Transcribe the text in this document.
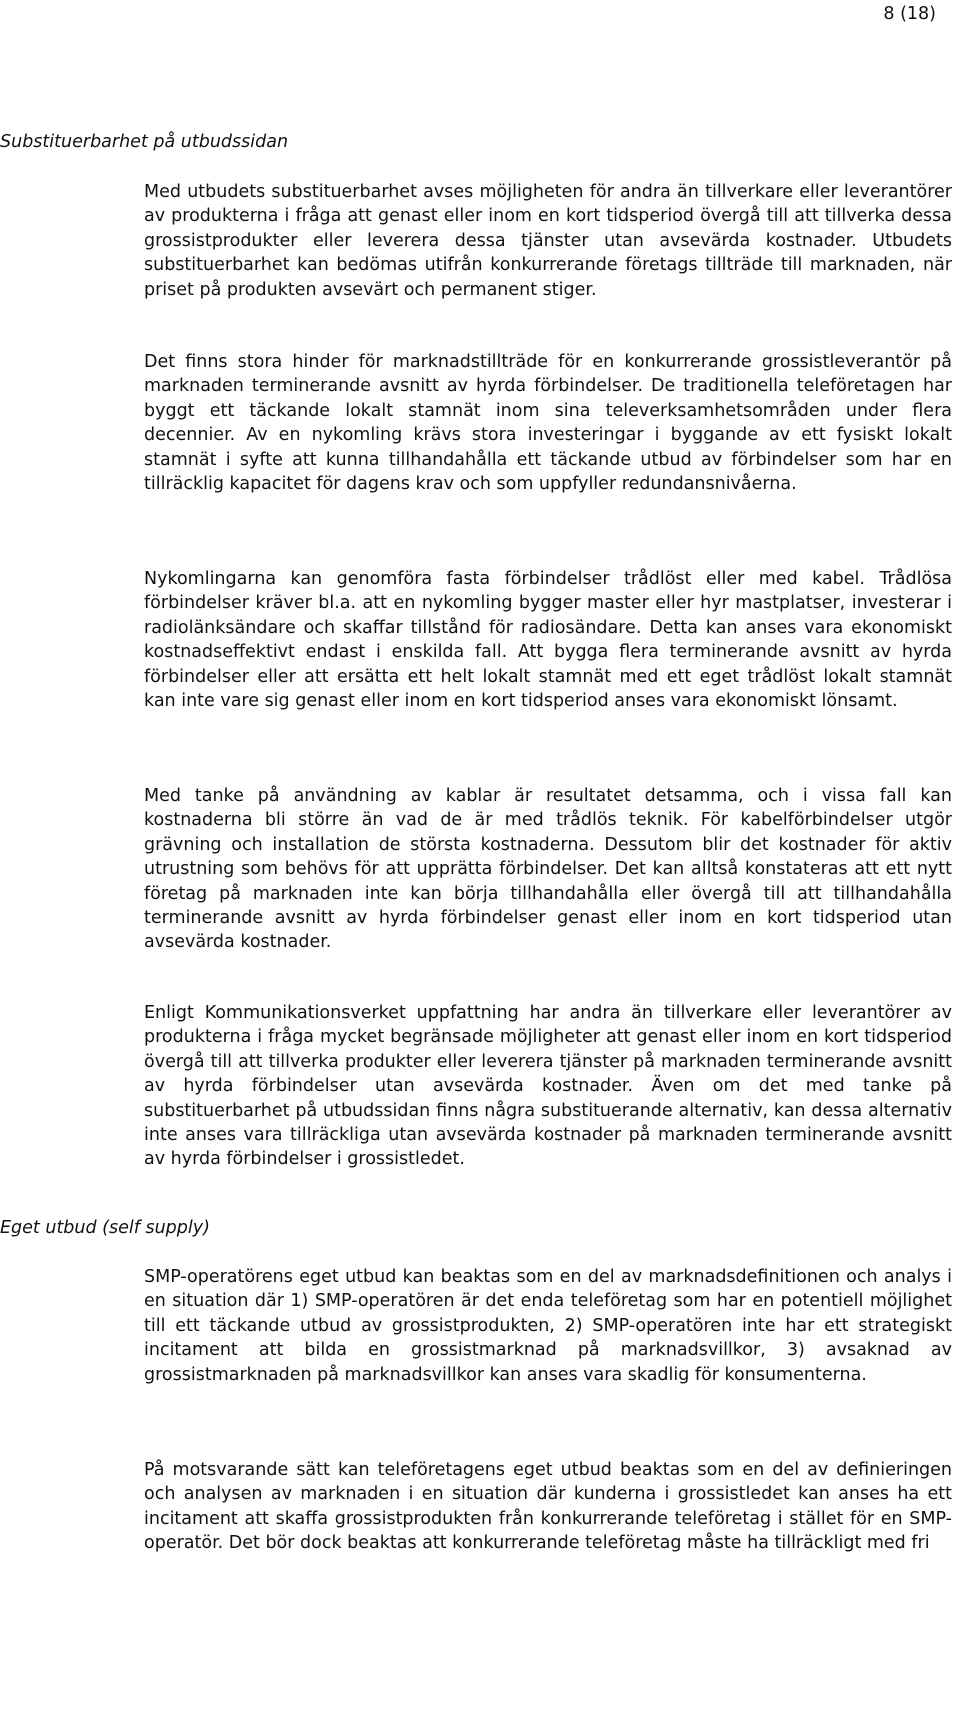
8 (18)
Substituerbarhet på utbudssidan

Med utbudets substituerbarhet avses möjligheten för andra än tillverkare eller leverantörer av produkterna i fråga att genast eller inom en kort tidsperiod övergå till att tillverka dessa grossistprodukter eller leverera dessa tjänster utan avsevärda kostnader. Utbudets substituerbarhet kan bedömas utifrån konkurrerande företags tillträde till marknaden, när priset på produkten avsevärt och permanent stiger.

Det finns stora hinder för marknadstillträde för en konkurrerande grossistleverantör på marknaden terminerande avsnitt av hyrda förbindelser. De traditionella teleföretagen har byggt ett täckande lokalt stamnät inom sina televerksamhetsområden under flera decennier. Av en nykomling krävs stora investeringar i byggande av ett fysiskt lokalt stamnät i syfte att kunna tillhandahålla ett täckande utbud av förbindelser som har en tillräcklig kapacitet för dagens krav och som uppfyller redundansnivåerna.

Nykomlingarna kan genomföra fasta förbindelser trådlöst eller med kabel. Trådlösa förbindelser kräver bl.a. att en nykomling bygger master eller hyr mastplatser, investerar i radiolänksändare och skaffar tillstånd för radiosändare. Detta kan anses vara ekonomiskt kostnadseffektivt endast i enskilda fall. Att bygga flera terminerande avsnitt av hyrda förbindelser eller att ersätta ett helt lokalt stamnät med ett eget trådlöst lokalt stamnät kan inte vare sig genast eller inom en kort tidsperiod anses vara ekonomiskt lönsamt.

Med tanke på användning av kablar är resultatet detsamma, och i vissa fall kan kostnaderna bli större än vad de är med trådlös teknik. För kabelförbindelser utgör grävning och installation de största kostnaderna. Dessutom blir det kostnader för aktiv utrustning som behövs för att upprätta förbindelser. Det kan alltså konstateras att ett nytt företag på marknaden inte kan börja tillhandahålla eller övergå till att tillhandahålla terminerande avsnitt av hyrda förbindelser genast eller inom en kort tidsperiod utan avsevärda kostnader.

Enligt Kommunikationsverket uppfattning har andra än tillverkare eller leverantörer av produkterna i fråga mycket begränsade möjligheter att genast eller inom en kort tidsperiod övergå till att tillverka produkter eller leverera tjänster på marknaden terminerande avsnitt av hyrda förbindelser utan avsevärda kostnader. Även om det med tanke på substituerbarhet på utbudssidan finns några substituerande alternativ, kan dessa alternativ inte anses vara tillräckliga utan avsevärda kostnader på marknaden terminerande avsnitt av hyrda förbindelser i grossistledet.

Eget utbud (self supply)

SMP-operatörens eget utbud kan beaktas som en del av marknadsdefinitionen och analys i en situation där 1) SMP-operatören är det enda teleföretag som har en potentiell möjlighet till ett täckande utbud av grossistprodukten, 2) SMP-operatören inte har ett strategiskt incitament att bilda en grossistmarknad på marknadsvillkor, 3) avsaknad av grossistmarknaden på marknadsvillkor kan anses vara skadlig för konsumenterna.

På motsvarande sätt kan teleföretagens eget utbud beaktas som en del av definieringen och analysen av marknaden i en situation där kunderna i grossistledet kan anses ha ett incitament att skaffa grossistprodukten från konkurrerande teleföretag i stället för en SMP-operatör. Det bör dock beaktas att konkurrerande teleföretag måste ha tillräckligt med fri
